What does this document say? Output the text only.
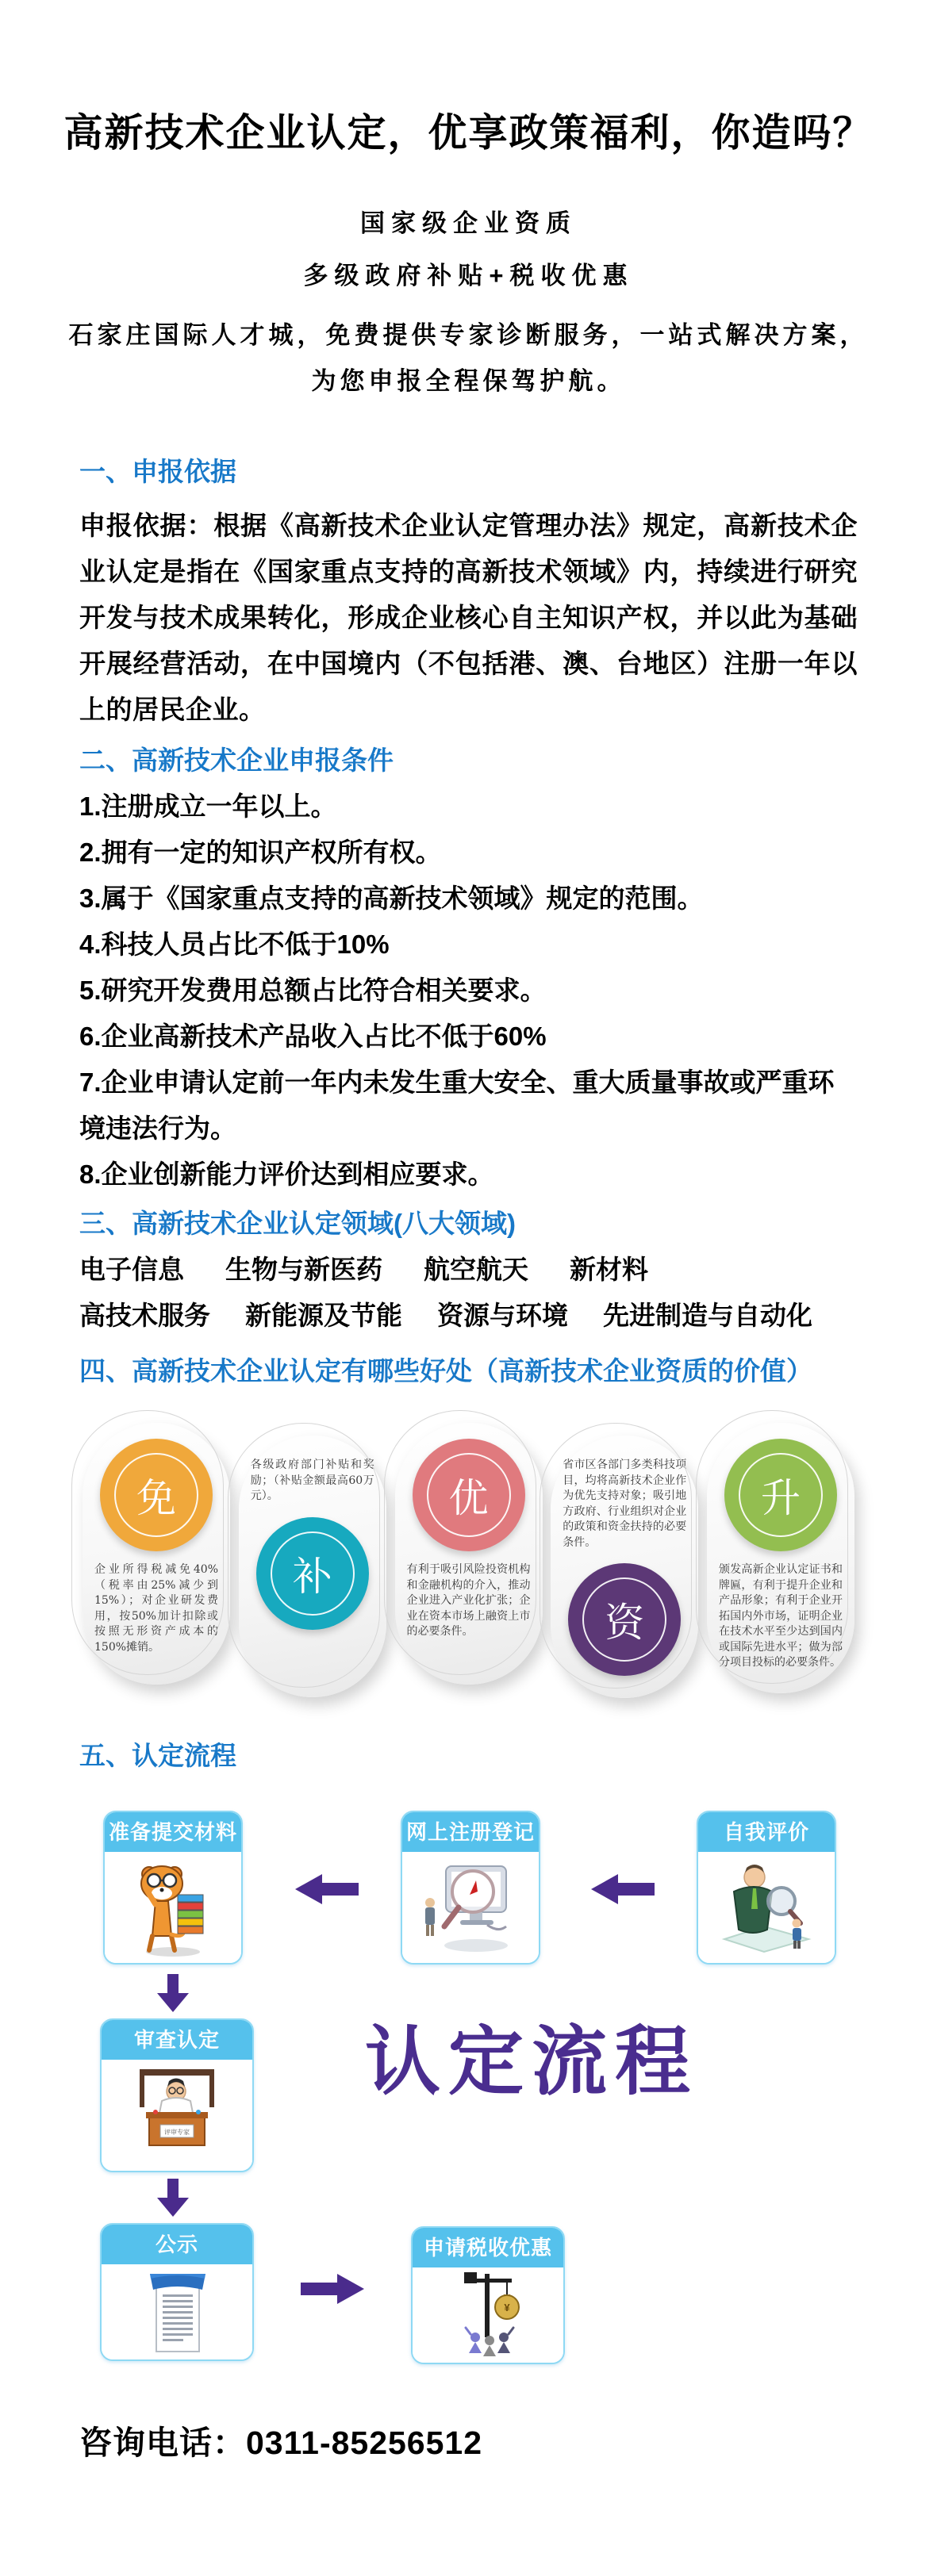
高新技术企业认定，优享政策福利，你造吗？
国家级企业资质
多级政府补贴+税收优惠
石家庄国际人才城，免费提供专家诊断服务，一站式解决方案，为您申报全程保驾护航。
一、申报依据
申报依据：根据《高新技术企业认定管理办法》规定，高新技术企业认定是指在《国家重点支持的高新技术领域》内，持续进行研究开发与技术成果转化，形成企业核心自主知识产权，并以此为基础开展经营活动，在中国境内（不包括港、澳、台地区）注册一年以上的居民企业。
二、高新技术企业申报条件
1.注册成立一年以上。
2.拥有一定的知识产权所有权。
3.属于《国家重点支持的高新技术领域》规定的范围。
4.科技人员占比不低于10%
5.研究开发费用总额占比符合相关要求。
6.企业高新技术产品收入占比不低于60%
7.企业申请认定前一年内未发生重大安全、重大质量事故或严重环境违法行为。
8.企业创新能力评价达到相应要求。
三、高新技术企业认定领域(八大领域)
电子信息 生物与新医药 航空航天 新材料
高技术服务 新能源及节能 资源与环境 先进制造与自动化
四、高新技术企业认定有哪些好处（高新技术企业资质的价值）
免
企业所得税减免40%（税率由25%减少到15%）；对企业研发费用，按50%加计扣除或按照无形资产成本的150%摊销。
各级政府部门补贴和奖励；（补贴金额最高60万元）。
补
优
有利于吸引风险投资机构和金融机构的介入，推动企业进入产业化扩张；企业在资本市场上融资上市的必要条件。
省市区各部门多类科技项目，均将高新技术企业作为优先支持对象；吸引地方政府、行业组织对企业的政策和资金扶持的必要条件。
资
升
颁发高新企业认定证书和牌匾，有利于提升企业和产品形象；有利于企业开拓国内外市场，证明企业在技术水平至少达到国内或国际先进水平；做为部分项目投标的必要条件。
五、认定流程
认定流程
准备提交材料	网上注册登记	自我评价
审查认定
评审专家
公示	申请税收优惠
¥
咨询电话：0311-85256512
